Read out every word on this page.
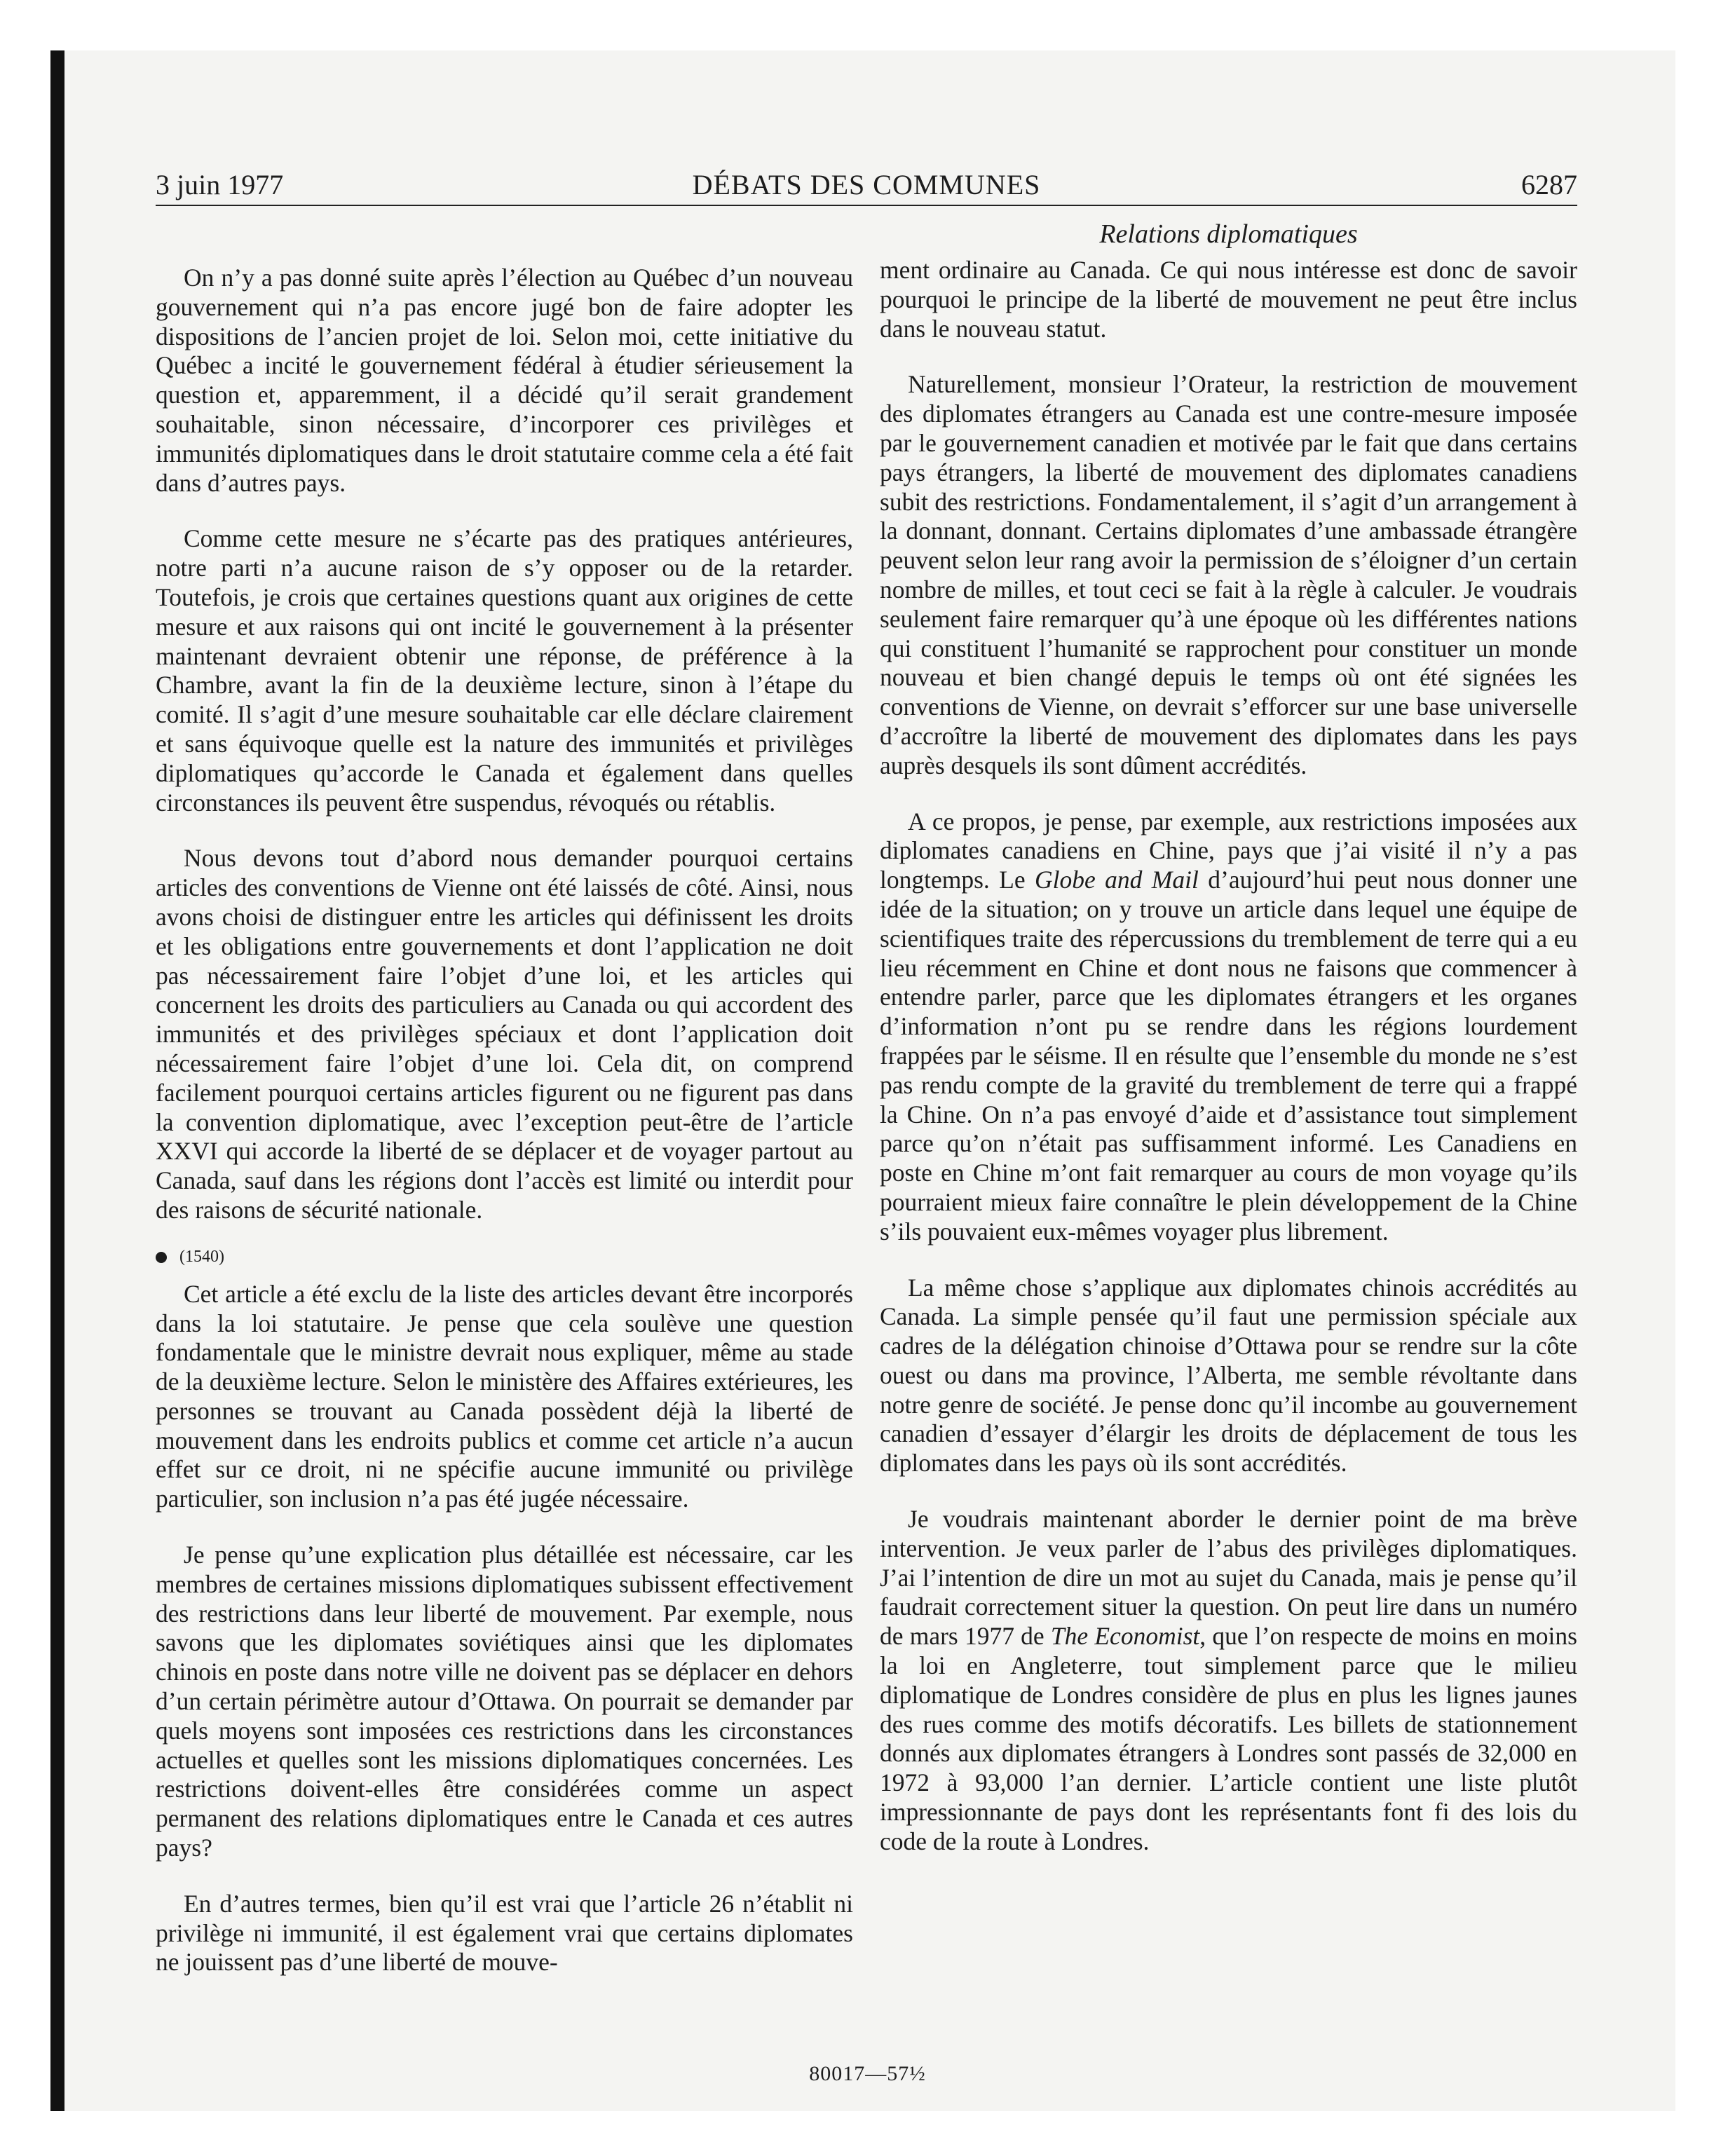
3 juin 1977	DÉBATS DES COMMUNES	6287
Relations diplomatiques

On n’y a pas donné suite après l’élection au Québec d’un nouveau gouvernement qui n’a pas encore jugé bon de faire adopter les dispositions de l’ancien projet de loi. Selon moi, cette initiative du Québec a incité le gouvernement fédéral à étudier sérieusement la question et, apparemment, il a décidé qu’il serait grandement souhaitable, sinon nécessaire, d’incorporer ces privilèges et immunités diplomatiques dans le droit statutaire comme cela a été fait dans d’autres pays.

Comme cette mesure ne s’écarte pas des pratiques antérieures, notre parti n’a aucune raison de s’y opposer ou de la retarder. Toutefois, je crois que certaines questions quant aux origines de cette mesure et aux raisons qui ont incité le gouvernement à la présenter maintenant devraient obtenir une réponse, de préférence à la Chambre, avant la fin de la deuxième lecture, sinon à l’étape du comité. Il s’agit d’une mesure souhaitable car elle déclare clairement et sans équivoque quelle est la nature des immunités et privilèges diplomatiques qu’accorde le Canada et également dans quelles circonstances ils peuvent être suspendus, révoqués ou rétablis.

Nous devons tout d’abord nous demander pourquoi certains articles des conventions de Vienne ont été laissés de côté. Ainsi, nous avons choisi de distinguer entre les articles qui définissent les droits et les obligations entre gouvernements et dont l’application ne doit pas nécessairement faire l’objet d’une loi, et les articles qui concernent les droits des particuliers au Canada ou qui accordent des immunités et des privilèges spéciaux et dont l’application doit nécessairement faire l’objet d’une loi. Cela dit, on comprend facilement pourquoi certains articles figurent ou ne figurent pas dans la convention diplomatique, avec l’exception peut-être de l’article XXVI qui accorde la liberté de se déplacer et de voyager partout au Canada, sauf dans les régions dont l’accès est limité ou interdit pour des raisons de sécurité nationale.

(1540)

Cet article a été exclu de la liste des articles devant être incorporés dans la loi statutaire. Je pense que cela soulève une question fondamentale que le ministre devrait nous expliquer, même au stade de la deuxième lecture. Selon le ministère des Affaires extérieures, les personnes se trouvant au Canada possèdent déjà la liberté de mouvement dans les endroits publics et comme cet article n’a aucun effet sur ce droit, ni ne spécifie aucune immunité ou privilège particulier, son inclusion n’a pas été jugée nécessaire.

Je pense qu’une explication plus détaillée est nécessaire, car les membres de certaines missions diplomatiques subissent effectivement des restrictions dans leur liberté de mouvement. Par exemple, nous savons que les diplomates soviétiques ainsi que les diplomates chinois en poste dans notre ville ne doivent pas se déplacer en dehors d’un certain périmètre autour d’Ottawa. On pourrait se demander par quels moyens sont imposées ces restrictions dans les circonstances actuelles et quelles sont les missions diplomatiques concernées. Les restrictions doivent-elles être considérées comme un aspect permanent des relations diplomatiques entre le Canada et ces autres pays?

En d’autres termes, bien qu’il est vrai que l’article 26 n’établit ni privilège ni immunité, il est également vrai que certains diplomates ne jouissent pas d’une liberté de mouve-

ment ordinaire au Canada. Ce qui nous intéresse est donc de savoir pourquoi le principe de la liberté de mouvement ne peut être inclus dans le nouveau statut.

Naturellement, monsieur l’Orateur, la restriction de mouvement des diplomates étrangers au Canada est une contre-mesure imposée par le gouvernement canadien et motivée par le fait que dans certains pays étrangers, la liberté de mouvement des diplomates canadiens subit des restrictions. Fondamentalement, il s’agit d’un arrangement à la donnant, donnant. Certains diplomates d’une ambassade étrangère peuvent selon leur rang avoir la permission de s’éloigner d’un certain nombre de milles, et tout ceci se fait à la règle à calculer. Je voudrais seulement faire remarquer qu’à une époque où les différentes nations qui constituent l’humanité se rapprochent pour constituer un monde nouveau et bien changé depuis le temps où ont été signées les conventions de Vienne, on devrait s’efforcer sur une base universelle d’accroître la liberté de mouvement des diplomates dans les pays auprès desquels ils sont dûment accrédités.

A ce propos, je pense, par exemple, aux restrictions imposées aux diplomates canadiens en Chine, pays que j’ai visité il n’y a pas longtemps. Le Globe and Mail d’aujourd’hui peut nous donner une idée de la situation; on y trouve un article dans lequel une équipe de scientifiques traite des répercussions du tremblement de terre qui a eu lieu récemment en Chine et dont nous ne faisons que commencer à entendre parler, parce que les diplomates étrangers et les organes d’information n’ont pu se rendre dans les régions lourdement frappées par le séisme. Il en résulte que l’ensemble du monde ne s’est pas rendu compte de la gravité du tremblement de terre qui a frappé la Chine. On n’a pas envoyé d’aide et d’assistance tout simplement parce qu’on n’était pas suffisamment informé. Les Canadiens en poste en Chine m’ont fait remarquer au cours de mon voyage qu’ils pourraient mieux faire connaître le plein développement de la Chine s’ils pouvaient eux-mêmes voyager plus librement.

La même chose s’applique aux diplomates chinois accrédités au Canada. La simple pensée qu’il faut une permission spéciale aux cadres de la délégation chinoise d’Ottawa pour se rendre sur la côte ouest ou dans ma province, l’Alberta, me semble révoltante dans notre genre de société. Je pense donc qu’il incombe au gouvernement canadien d’essayer d’élargir les droits de déplacement de tous les diplomates dans les pays où ils sont accrédités.

Je voudrais maintenant aborder le dernier point de ma brève intervention. Je veux parler de l’abus des privilèges diplomatiques. J’ai l’intention de dire un mot au sujet du Canada, mais je pense qu’il faudrait correctement situer la question. On peut lire dans un numéro de mars 1977 de The Economist, que l’on respecte de moins en moins la loi en Angleterre, tout simplement parce que le milieu diplomatique de Londres considère de plus en plus les lignes jaunes des rues comme des motifs décoratifs. Les billets de stationnement donnés aux diplomates étrangers à Londres sont passés de 32,000 en 1972 à 93,000 l’an dernier. L’article contient une liste plutôt impressionnante de pays dont les représentants font fi des lois du code de la route à Londres.

80017—57½
